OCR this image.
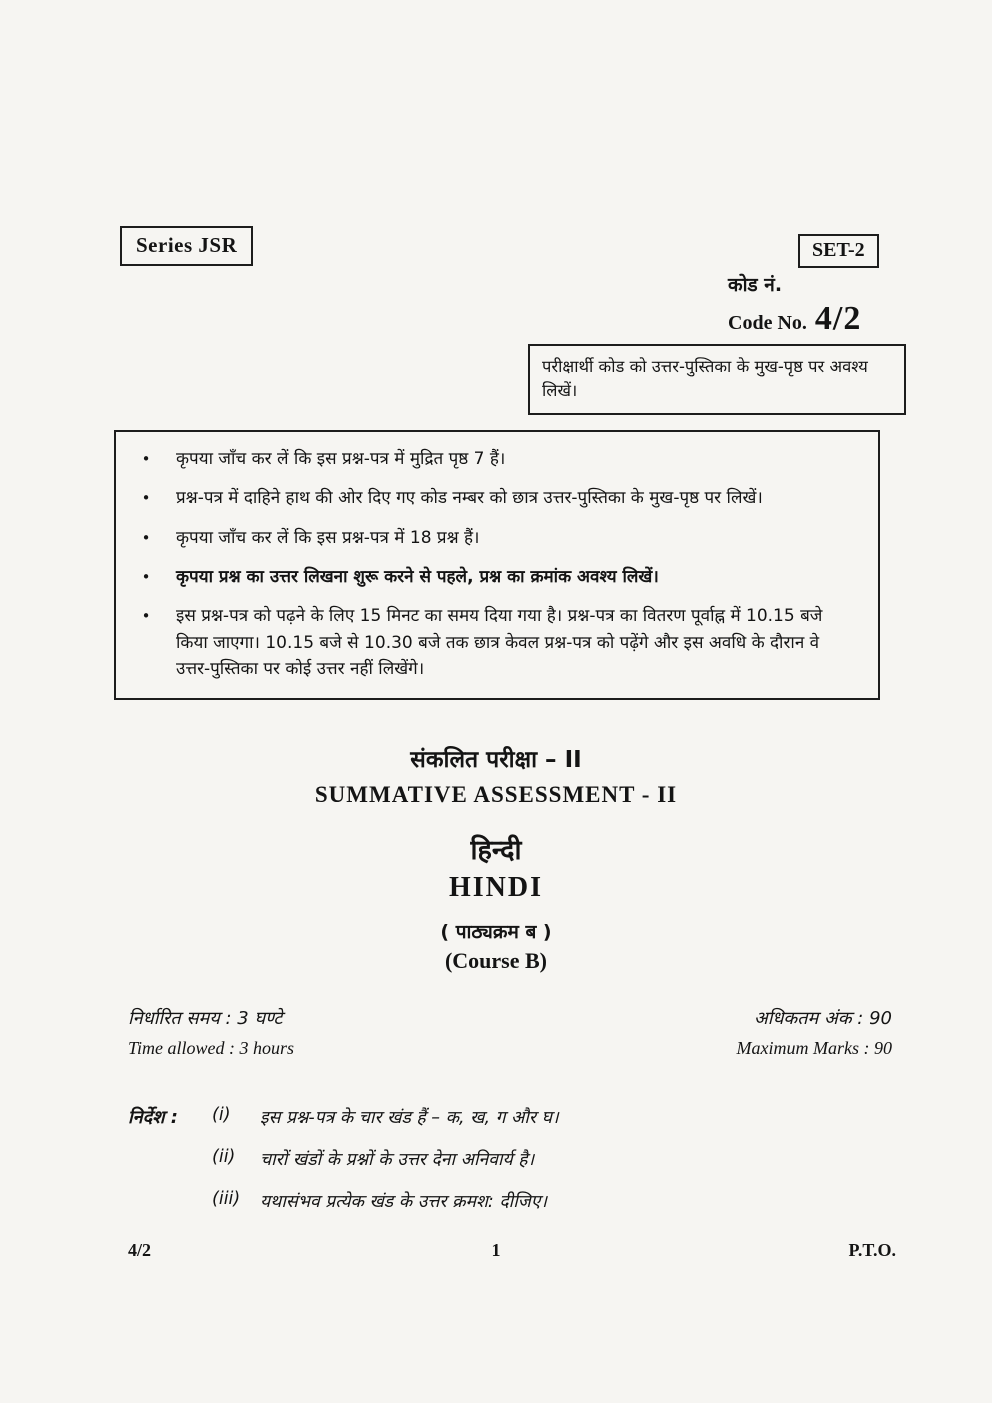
Series JSR	SET-2
कोड नं.
Code No. 4/2
परीक्षार्थी कोड को उत्तर-पुस्तिका के मुख-पृष्ठ पर अवश्य लिखें।
•	कृपया जाँच कर लें कि इस प्रश्न-पत्र में मुद्रित पृष्ठ 7 हैं।
•	प्रश्न-पत्र में दाहिने हाथ की ओर दिए गए कोड नम्बर को छात्र उत्तर-पुस्तिका के मुख-पृष्ठ पर लिखें।
•	कृपया जाँच कर लें कि इस प्रश्न-पत्र में 18 प्रश्न हैं।
•	कृपया प्रश्न का उत्तर लिखना शुरू करने से पहले, प्रश्न का क्रमांक अवश्य लिखें।
•	इस प्रश्न-पत्र को पढ़ने के लिए 15 मिनट का समय दिया गया है। प्रश्न-पत्र का वितरण पूर्वाह्न में 10.15 बजे किया जाएगा। 10.15 बजे से 10.30 बजे तक छात्र केवल प्रश्न-पत्र को पढ़ेंगे और इस अवधि के दौरान वे उत्तर-पुस्तिका पर कोई उत्तर नहीं लिखेंगे।
संकलित परीक्षा – II
SUMMATIVE ASSESSMENT - II
हिन्दी
HINDI
( पाठ्यक्रम ब )
(Course B)
निर्धारित समय : 3 घण्टे
Time allowed : 3 hours
अधिकतम अंक : 90
Maximum Marks : 90
निर्देश : (i)	इस प्रश्न-पत्र के चार खंड हैं – क, ख, ग और घ।
(ii)	चारों खंडों के प्रश्नों के उत्तर देना अनिवार्य है।
(iii)	यथासंभव प्रत्येक खंड के उत्तर क्रमश: दीजिए।
4/2	1	P.T.O.
